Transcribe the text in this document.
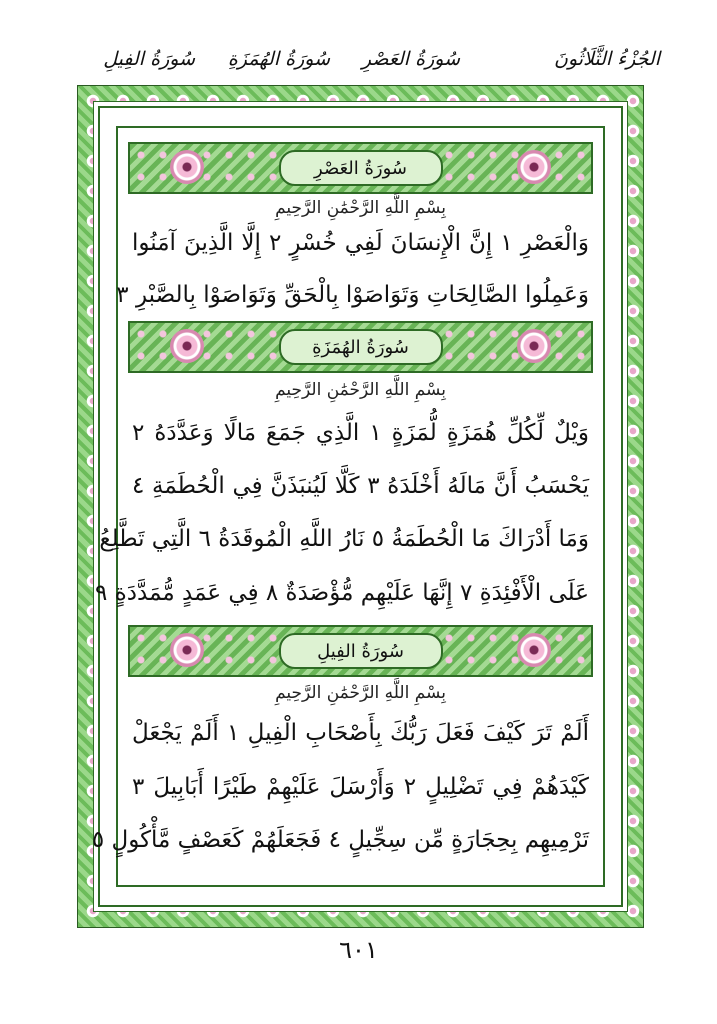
الجُزْءُ الثَّلَاثُونَ
سُورَةُ العَصْرِ
سُورَةُ الهُمَزَةِ
سُورَةُ الفِيلِ
سُورَةُ العَصْرِ
بِسْمِ اللَّهِ الرَّحْمَٰنِ الرَّحِيمِ
وَالْعَصْرِ ١ إِنَّ الْإِنسَانَ لَفِي خُسْرٍ ٢ إِلَّا الَّذِينَ آمَنُوا
وَعَمِلُوا الصَّالِحَاتِ وَتَوَاصَوْا بِالْحَقِّ وَتَوَاصَوْا بِالصَّبْرِ ٣
سُورَةُ الهُمَزَةِ
بِسْمِ اللَّهِ الرَّحْمَٰنِ الرَّحِيمِ
وَيْلٌ لِّكُلِّ هُمَزَةٍ لُّمَزَةٍ ١ الَّذِي جَمَعَ مَالًا وَعَدَّدَهُ ٢
يَحْسَبُ أَنَّ مَالَهُ أَخْلَدَهُ ٣ كَلَّا لَيُنبَذَنَّ فِي الْحُطَمَةِ ٤
وَمَا أَدْرَاكَ مَا الْحُطَمَةُ ٥ نَارُ اللَّهِ الْمُوقَدَةُ ٦ الَّتِي تَطَّلِعُ
عَلَى الْأَفْئِدَةِ ٧ إِنَّهَا عَلَيْهِم مُّؤْصَدَةٌ ٨ فِي عَمَدٍ مُّمَدَّدَةٍ ٩
سُورَةُ الفِيلِ
بِسْمِ اللَّهِ الرَّحْمَٰنِ الرَّحِيمِ
أَلَمْ تَرَ كَيْفَ فَعَلَ رَبُّكَ بِأَصْحَابِ الْفِيلِ ١ أَلَمْ يَجْعَلْ
كَيْدَهُمْ فِي تَضْلِيلٍ ٢ وَأَرْسَلَ عَلَيْهِمْ طَيْرًا أَبَابِيلَ ٣
تَرْمِيهِم بِحِجَارَةٍ مِّن سِجِّيلٍ ٤ فَجَعَلَهُمْ كَعَصْفٍ مَّأْكُولٍ ٥
٦٠١
